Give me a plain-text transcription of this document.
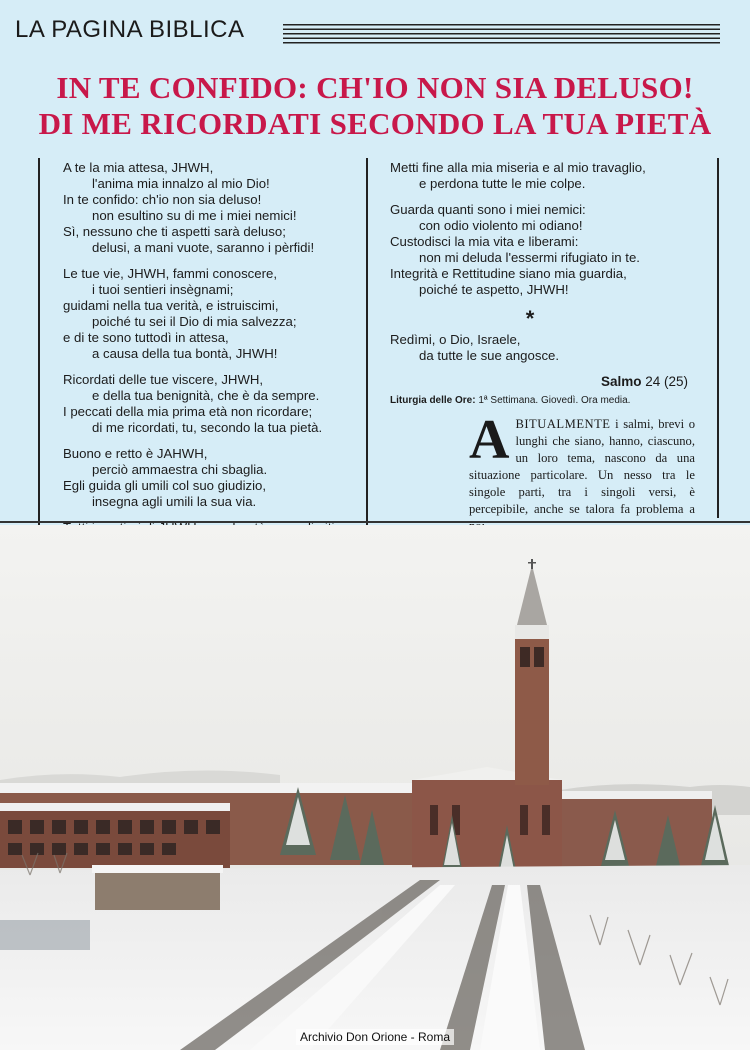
LA PAGINA BIBLICA
IN TE CONFIDO: CH'IO NON SIA DELUSO!
DI ME RICORDATI SECONDO LA TUA PIETÀ
A te la mia attesa, JHWH,
l'anima mia innalzo al mio Dio!
In te confido: ch'io non sia deluso!
non esultino su di me i miei nemici!
Sì, nessuno che ti aspetti sarà deluso;
delusi, a mani vuote, saranno i pèrfidi!
Le tue vie, JHWH, fammi conoscere,
i tuoi sentieri insègnami;
guidami nella tua verità, e istruiscimi,
poiché tu sei il Dio di mia salvezza;
e di te sono tuttodì in attesa,
a causa della tua bontà, JHWH!
Ricordati delle tue viscere, JHWH,
e della tua benignità, che è da sempre.
I peccati della mia prima età non ricordare;
di me ricordati, tu, secondo la tua pietà.
Buono e retto è JAHWH,
perciò ammaestra chi sbaglia.
Egli guida gli umili col suo giudizio,
insegna agli umili la sua via.
Metti fine alla mia miseria e al mio travaglio,
e perdona tutte le mie colpe.
Guarda quanti sono i miei nemici:
con odio violento mi odiano!
Custodisci la mia vita e liberami:
non mi deluda l'essermi rifugiato in te.
Integrità e Rettitudine siano mia guardia,
poiché te aspetto, JHWH!
*
Redìmi, o Dio, Israele,
da tutte le sue angosce.
Salmo 24 (25)
Liturgia delle Ore: 1ª Settimana. Giovedì. Ora media.
ABITUALMENTE i salmi, brevi o lunghi che siano, hanno, ciascuno, un loro tema, nascono da una situazione particolare. Un nesso tra le singole parti, tra i singoli versi, è percepibile, anche se talora fa problema a
Archivio Don Orione - Roma
